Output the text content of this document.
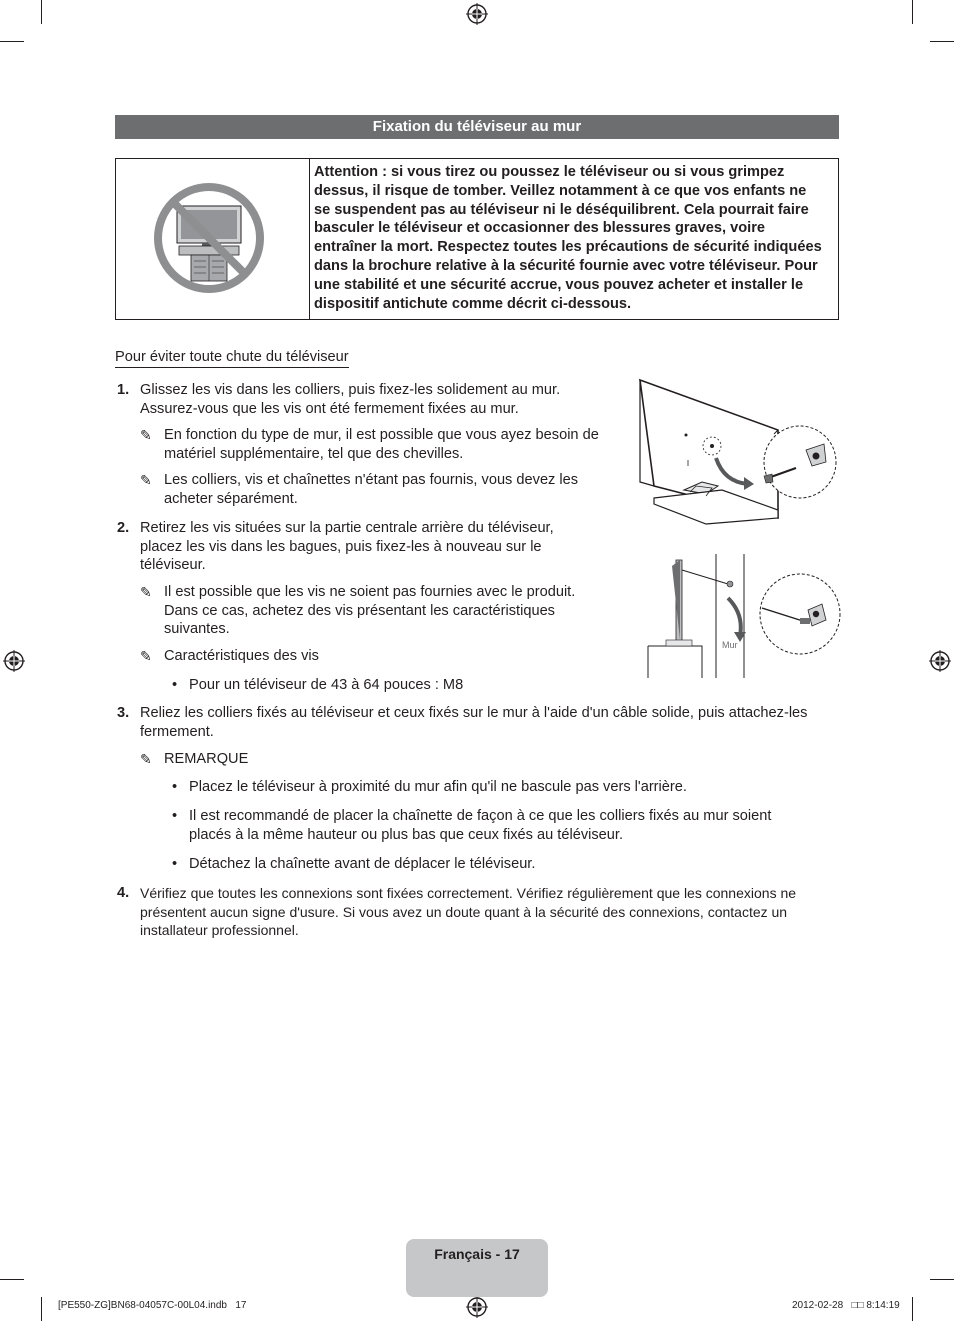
Fixation du téléviseur au mur
Attention : si vous tirez ou poussez le téléviseur ou si vous grimpez dessus, il risque de tomber. Veillez notamment à ce que vos enfants ne se suspendent pas au téléviseur ni le déséquilibrent. Cela pourrait faire basculer le téléviseur et occasionner des blessures graves, voire entraîner la mort. Respectez toutes les précautions de sécurité indiquées dans la brochure relative à la sécurité fournie avec votre téléviseur. Pour une stabilité et une sécurité accrue, vous pouvez acheter et installer le dispositif antichute comme décrit ci-dessous.
Pour éviter toute chute du téléviseur
1. Glissez les vis dans les colliers, puis fixez-les solidement au mur. Assurez-vous que les vis ont été fermement fixées au mur.
✎ En fonction du type de mur, il est possible que vous ayez besoin de matériel supplémentaire, tel que des chevilles.
✎ Les colliers, vis et chaînettes n'étant pas fournis, vous devez les acheter séparément.
2. Retirez les vis situées sur la partie centrale arrière du téléviseur, placez les vis dans les bagues, puis fixez-les à nouveau sur le téléviseur.
✎ Il est possible que les vis ne soient pas fournies avec le produit. Dans ce cas, achetez des vis présentant les caractéristiques suivantes.
✎ Caractéristiques des vis
• Pour un téléviseur de 43 à 64 pouces : M8
3. Reliez les colliers fixés au téléviseur et ceux fixés sur le mur à l'aide d'un câble solide, puis attachez-les fermement.
✎ REMARQUE
• Placez le téléviseur à proximité du mur afin qu'il ne bascule pas vers l'arrière.
• Il est recommandé de placer la chaînette de façon à ce que les colliers fixés au mur soient placés à la même hauteur ou plus bas que ceux fixés au téléviseur.
• Détachez la chaînette avant de déplacer le téléviseur.
4. Vérifiez que toutes les connexions sont fixées correctement. Vérifiez régulièrement que les connexions ne présentent aucun signe d'usure. Si vous avez un doute quant à la sécurité des connexions, contactez un installateur professionnel.
Mur
Français - 17
[PE550-ZG]BN68-04057C-00L04.indb   17	2012-02-28   □□ 8:14:19
